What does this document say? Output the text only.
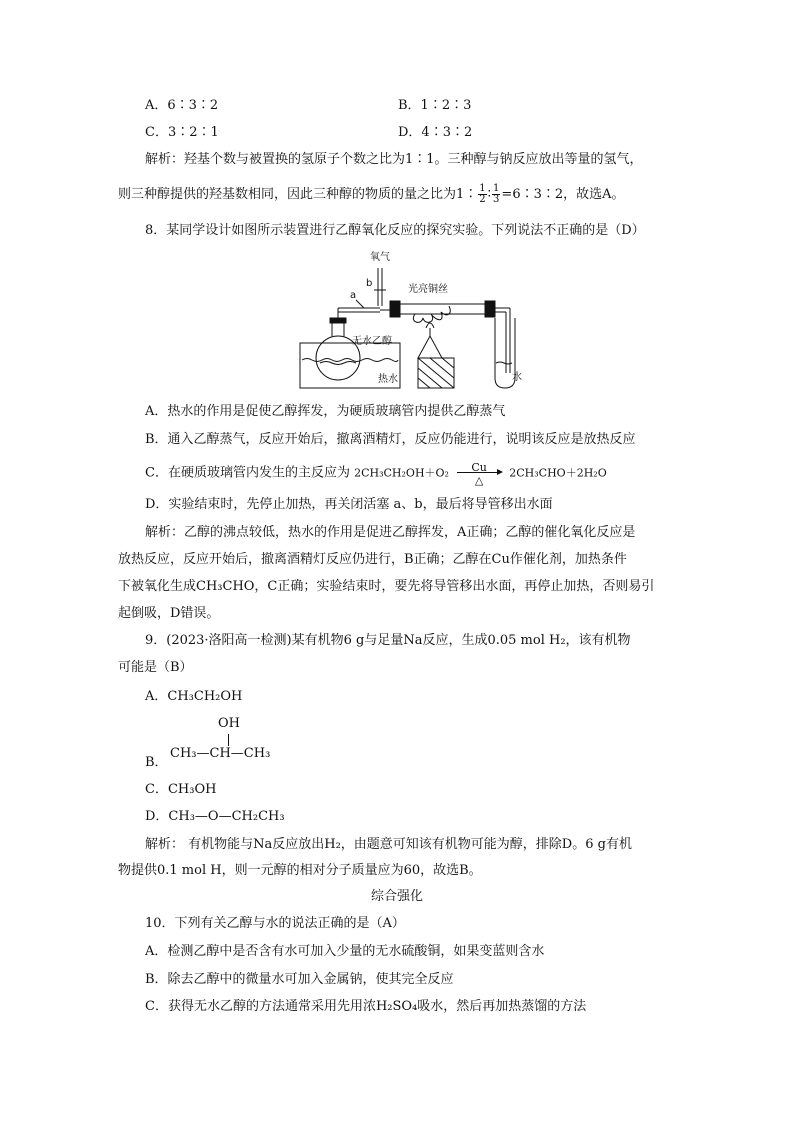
A．6∶3∶2	B．1∶2∶3
C．3∶2∶1	D．4∶3∶2
解析：羟基个数与被置换的氢原子个数之比为1∶1。三种醇与钠反应放出等量的氢气，
则三种醇提供的羟基数相同，因此三种醇的物质的量之比为1∶ $\frac{1}{2}$ ∶ $\frac{1}{3}$ =6∶3∶2，故选A。
8．某同学设计如图所示装置进行乙醇氧化反应的探究实验。下列说法不正确的是（D）
氧气
b
a
光亮铜丝
无水乙醇
热水	水
A．热水的作用是促使乙醇挥发，为硬质玻璃管内提供乙醇蒸气
B．通入乙醇蒸气，反应开始后，撤离酒精灯，反应仍能进行，说明该反应是放热反应
C．在硬质玻璃管内发生的主反应为 2CH₃CH₂OH＋O₂	Cu
△
2CH₃CHO＋2H₂O
D．实验结束时，先停止加热，再关闭活塞 a、b，最后将导管移出水面
解析：乙醇的沸点较低，热水的作用是促进乙醇挥发，A正确；乙醇的催化氧化反应是
放热反应，反应开始后，撤离酒精灯反应仍进行，B正确；乙醇在Cu作催化剂，加热条件
下被氧化生成CH₃CHO，C正确；实验结束时，要先将导管移出水面，再停止加热，否则易引
起倒吸，D错误。
9．(2023·洛阳高一检测)某有机物6 g与足量Na反应，生成0.05 mol H₂，该有机物
可能是（B）
A．CH₃CH₂OH
B．
OH
CH₃—CH—CH₃
C．CH₃OH
D．CH₃—O—CH₂CH₃
解析： 有机物能与Na反应放出H₂，由题意可知该有机物可能为醇，排除D。6 g有机
物提供0.1 mol H，则一元醇的相对分子质量应为60，故选B。
综合强化
10．下列有关乙醇与水的说法正确的是（A）
A．检测乙醇中是否含有水可加入少量的无水硫酸铜，如果变蓝则含水
B．除去乙醇中的微量水可加入金属钠，使其完全反应
C．获得无水乙醇的方法通常采用先用浓H₂SO₄吸水，然后再加热蒸馏的方法
